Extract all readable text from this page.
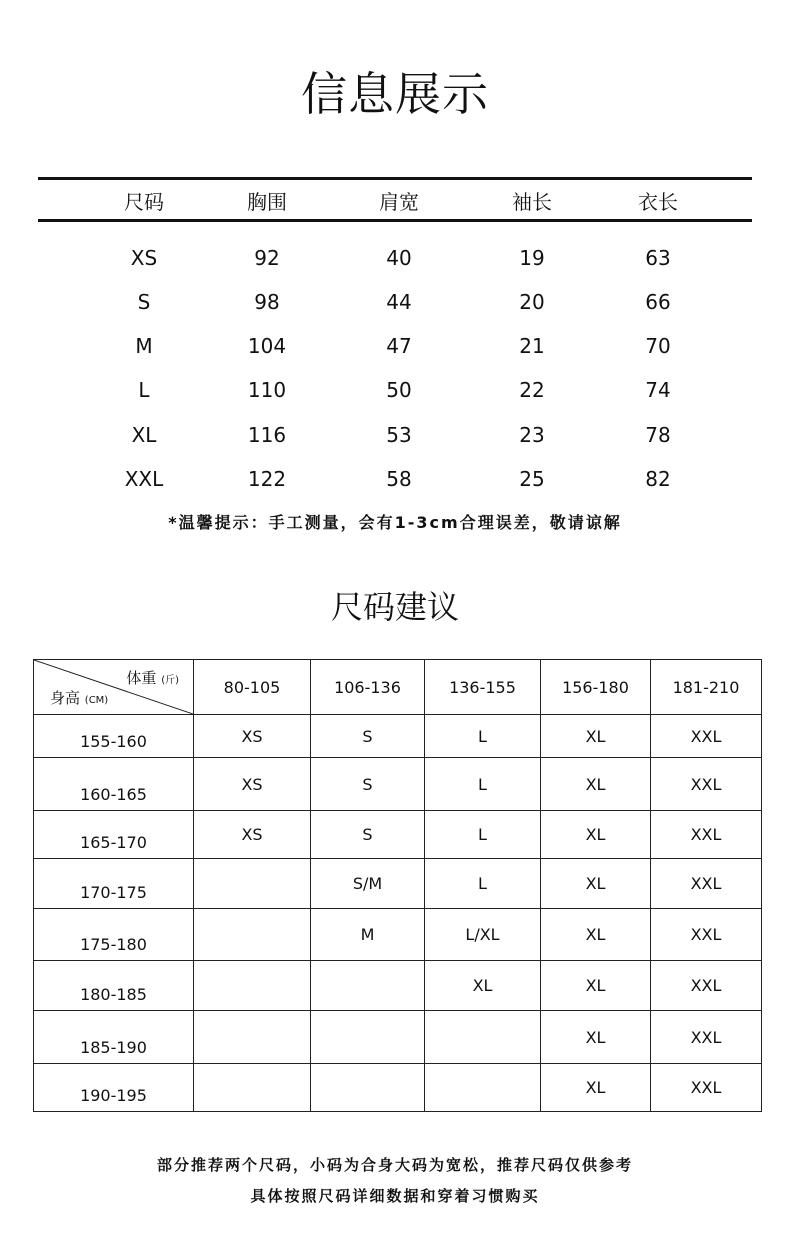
信息展示
尺码	胸围	肩宽	袖长	衣长
XS	92	40	19	63
S	98	44	20	66
M	104	47	21	70
L	110	50	22	74
XL	116	53	23	78
XXL	122	58	25	82
*温馨提示：手工测量，会有1-3cm合理误差，敬请谅解
尺码建议
体重 (斤)
身高 (CM)	80-105	106-136	136-155	156-180	181-210
155-160	XS	S	L	XL	XXL
160-165	XS	S	L	XL	XXL
165-170	XS	S	L	XL	XXL
170-175		S/M	L	XL	XXL
175-180		M	L/XL	XL	XXL
180-185			XL	XL	XXL
185-190				XL	XXL
190-195				XL	XXL
部分推荐两个尺码，小码为合身大码为宽松，推荐尺码仅供参考
具体按照尺码详细数据和穿着习惯购买
